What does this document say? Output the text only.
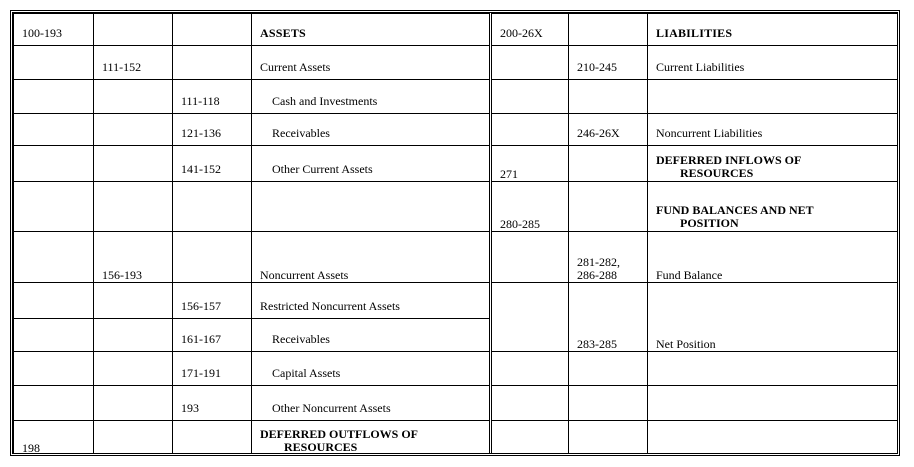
100-193			ASSETS	200-26X		LIABILITIES

	111-152		Current Assets		210-245	Current Liabilities

		111-118	Cash and Investments			

		121-136	Receivables		246-26X	Noncurrent Liabilities

		141-152	Other Current Assets	271		DEFERRED INFLOWS OF
RESOURCES

				280-285		FUND BALANCES AND NET
POSITION

	156-193		Noncurrent Assets		281-282,
286-288	Fund Balance

		156-157	Restricted Noncurrent Assets		283-285	Net Position

		161-167	Receivables			

		171-191	Capital Assets			

		193	Other Noncurrent Assets			

198			DEFERRED OUTFLOWS OF
RESOURCES			
